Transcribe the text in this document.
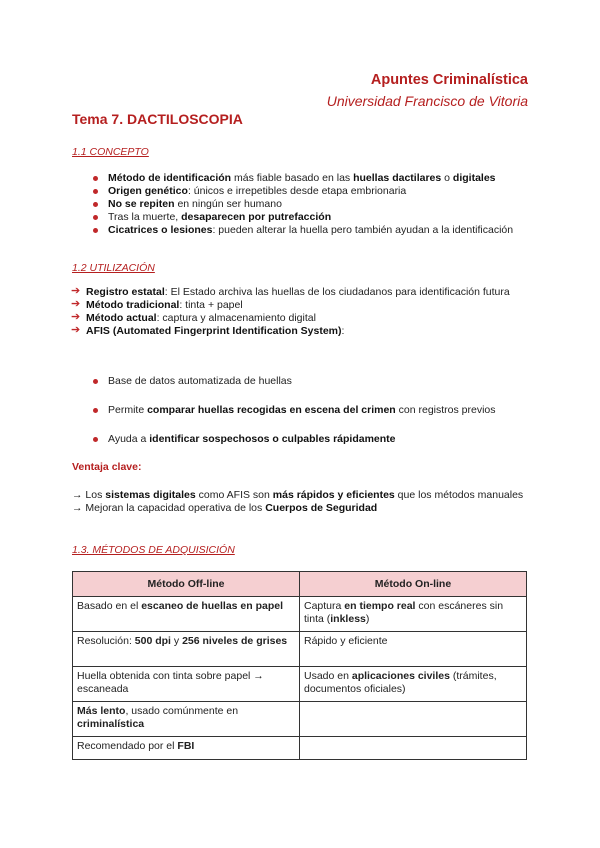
Apuntes Criminalística
Universidad Francisco de Vitoria
Tema 7. DACTILOSCOPIA
1.1 CONCEPTO
Método de identificación más fiable basado en las huellas dactilares o digitales
Origen genético: únicos e irrepetibles desde etapa embrionaria
No se repiten en ningún ser humano
Tras la muerte, desaparecen por putrefacción
Cicatrices o lesiones: pueden alterar la huella pero también ayudan a la identificación
1.2 UTILIZACIÓN
➔ Registro estatal: El Estado archiva las huellas de los ciudadanos para identificación futura
➔ Método tradicional: tinta + papel
➔ Método actual: captura y almacenamiento digital
➔ AFIS (Automated Fingerprint Identification System):
Base de datos automatizada de huellas
Permite comparar huellas recogidas en escena del crimen con registros previos
Ayuda a identificar sospechosos o culpables rápidamente
Ventaja clave:
→ Los sistemas digitales como AFIS son más rápidos y eficientes que los métodos manuales
→ Mejoran la capacidad operativa de los Cuerpos de Seguridad
1.3. MÉTODOS DE ADQUISICIÓN
Método Off-line	Método On-line
Basado en el escaneo de huellas en papel	Captura en tiempo real con escáneres sin tinta (inkless)
Resolución: 500 dpi y 256 niveles de grises	Rápido y eficiente
Huella obtenida con tinta sobre papel → escaneada	Usado en aplicaciones civiles (trámites, documentos oficiales)
Más lento, usado comúnmente en criminalística	
Recomendado por el FBI	
